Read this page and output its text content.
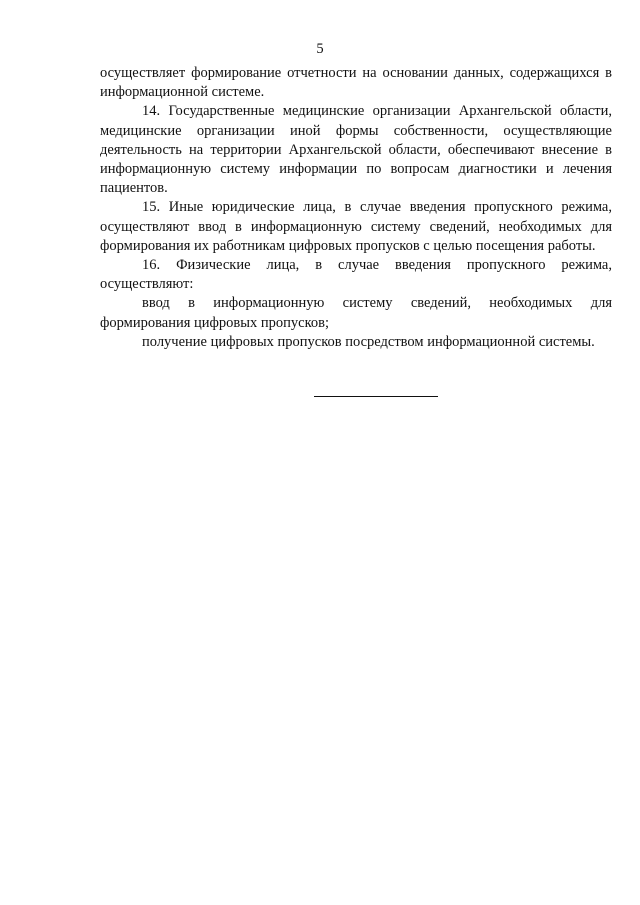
5

осуществляет формирование отчетности на основании данных, содержащихся в информационной системе.

14. Государственные медицинские организации Архангельской области, медицинские организации иной формы собственности, осуществляющие деятельность на территории Архангельской области, обеспечивают внесение в информационную систему информации по вопросам диагностики и лечения пациентов.

15. Иные юридические лица, в случае введения пропускного режима, осуществляют ввод в информационную систему сведений, необходимых для формирования их работникам цифровых пропусков с целью посещения работы.

16. Физические лица, в случае введения пропускного режима, осуществляют:

ввод в информационную систему сведений, необходимых для формирования цифровых пропусков;

получение цифровых пропусков посредством информационной системы.
